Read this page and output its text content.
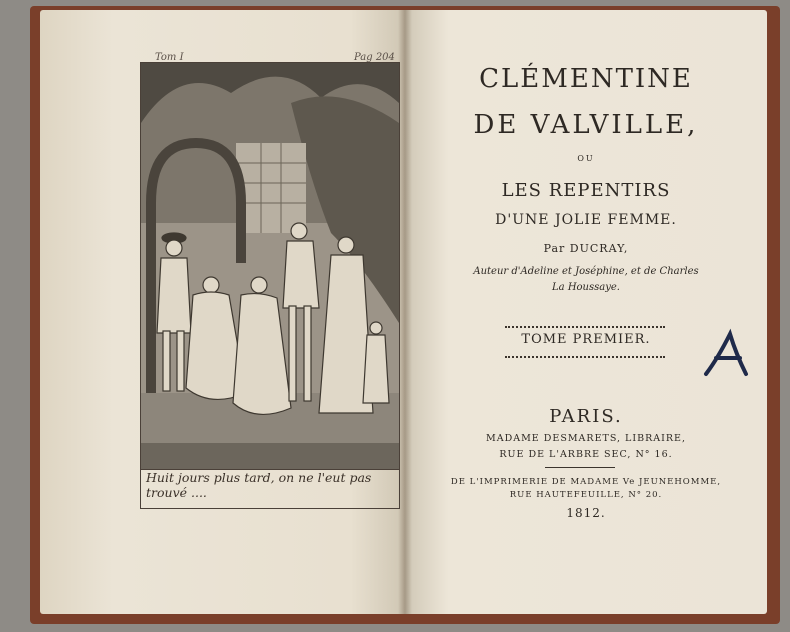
Tom I	Pag 204
Huit jours plus tard, on ne l'eut pas trouvé ....
CLÉMENTINE
DE VALVILLE,
OU
LES REPENTIRS
D'UNE JOLIE FEMME.
Par DUCRAY,
Auteur d'Adeline et Joséphine, et de Charles
La Houssaye.
TOME PREMIER.
PARIS.
MADAME DESMARETS, LIBRAIRE,
RUE DE L'ARBRE SEC, N° 16.
DE L'IMPRIMERIE DE MADAME Ve JEUNEHOMME,
RUE HAUTEFEUILLE, N° 20.
1812.
